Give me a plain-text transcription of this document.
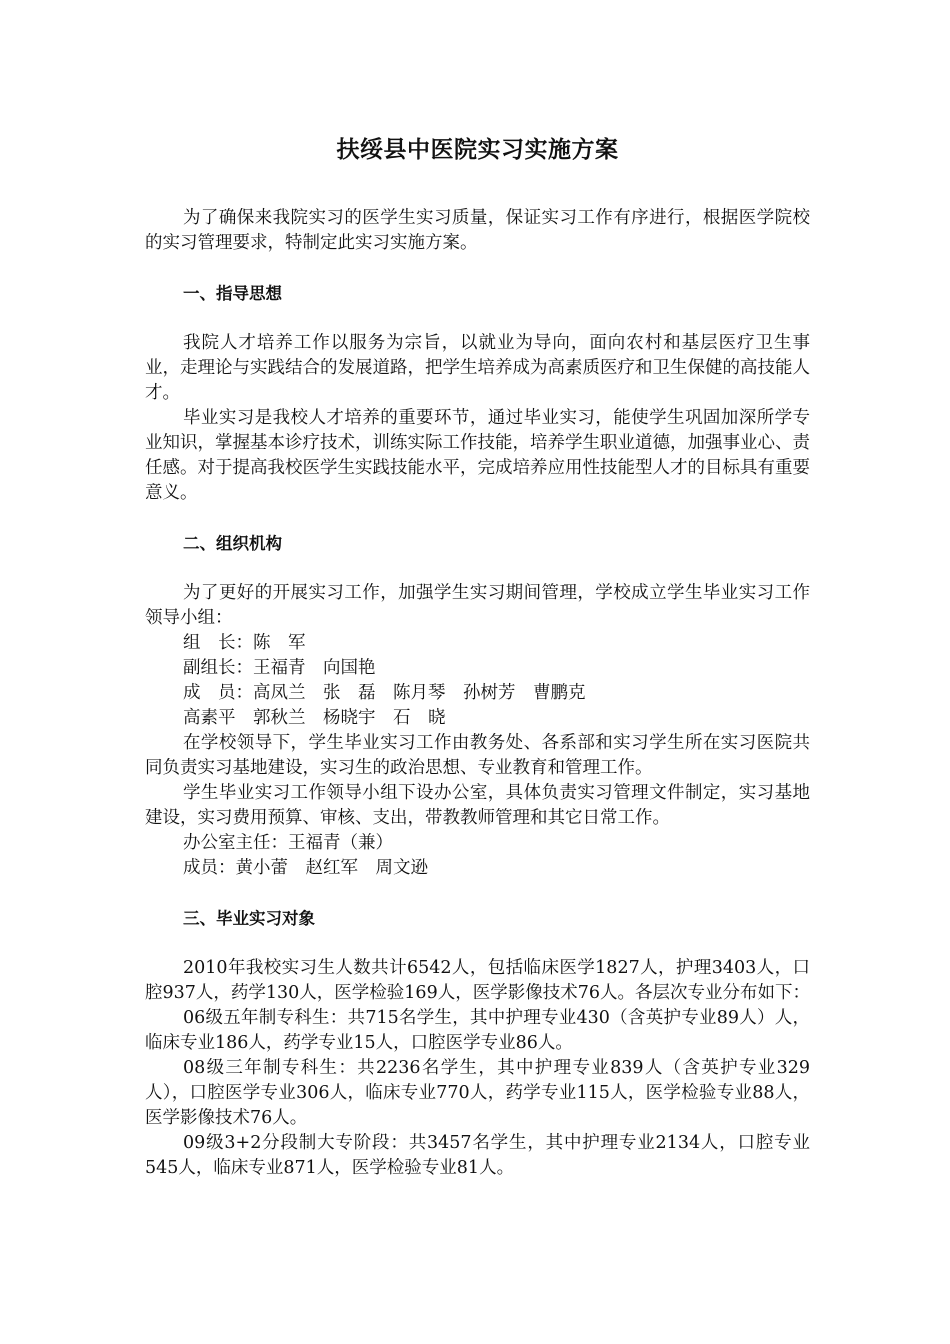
扶绥县中医院实习实施方案

为了确保来我院实习的医学生实习质量，保证实习工作有序进行，根据医学院校的实习管理要求，特制定此实习实施方案。

一、指导思想

我院人才培养工作以服务为宗旨，以就业为导向，面向农村和基层医疗卫生事业，走理论与实践结合的发展道路，把学生培养成为高素质医疗和卫生保健的高技能人才。

毕业实习是我校人才培养的重要环节，通过毕业实习，能使学生巩固加深所学专业知识，掌握基本诊疗技术，训练实际工作技能，培养学生职业道德，加强事业心、责任感。对于提高我校医学生实践技能水平，完成培养应用性技能型人才的目标具有重要意义。

二、组织机构

为了更好的开展实习工作，加强学生实习期间管理，学校成立学生毕业实习工作领导小组：

组　长：陈　军
副组长：王福青　向国艳
成　员：高凤兰　张　磊　陈月琴　孙树芳　曹鹏克
高素平　郭秋兰　杨晓宇　石　晓

在学校领导下，学生毕业实习工作由教务处、各系部和实习学生所在实习医院共同负责实习基地建设，实习生的政治思想、专业教育和管理工作。

学生毕业实习工作领导小组下设办公室，具体负责实习管理文件制定，实习基地建设，实习费用预算、审核、支出，带教教师管理和其它日常工作。

办公室主任：王福青（兼）
成员：黄小蕾　赵红军　周文逊
三、毕业实习对象

2010年我校实习生人数共计6542人，包括临床医学1827人，护理3403人，口腔937人，药学130人，医学检验169人，医学影像技术76人。各层次专业分布如下：

06级五年制专科生：共715名学生，其中护理专业430（含英护专业89人）人，临床专业186人，药学专业15人，口腔医学专业86人。

08级三年制专科生：共2236名学生，其中护理专业839人（含英护专业329人），口腔医学专业306人，临床专业770人，药学专业115人，医学检验专业88人，医学影像技术76人。

09级3+2分段制大专阶段：共3457名学生，其中护理专业2134人，口腔专业545人，临床专业871人，医学检验专业81人。
